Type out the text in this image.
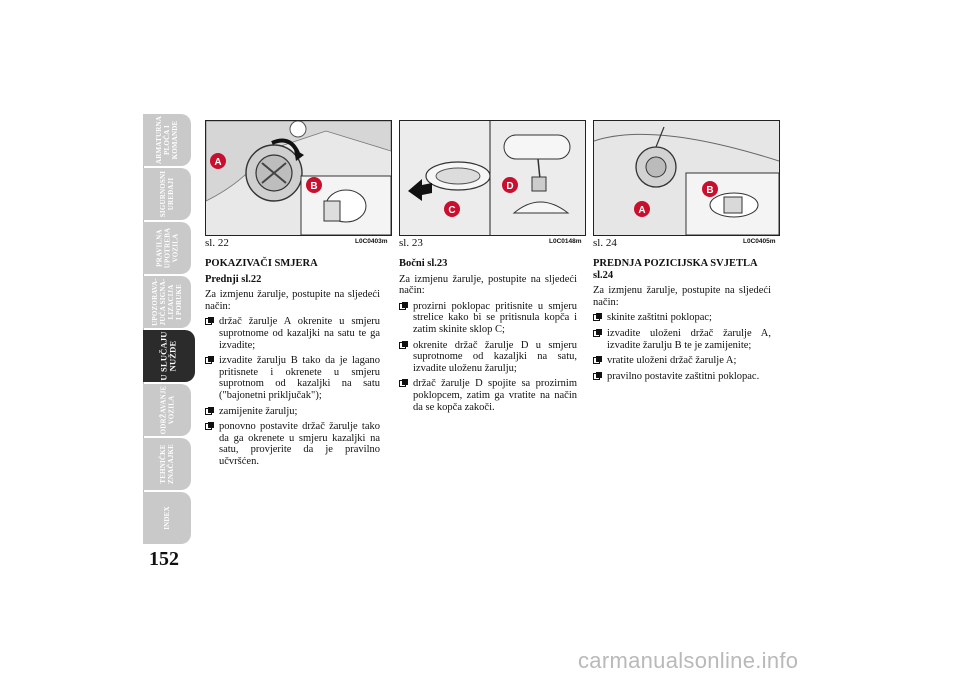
ARMATURNA
PLOČA I
KOMANDE
SIGURNOSNI
UREĐAJI
PRAVILNA
UPOTREBA
VOZILA
UPOZORAVA-
JUĆA SIGNA-
LIZACIJA
I PORUKE
U SLUČAJU
NUŽDE
ODRŽAVANJE
VOZILA
TEHNIČKE
ZNAČAJKE
INDEX
152
A
B
sl. 22	L0C0403m
C
D
sl. 23	L0C0148m
A
B
sl. 24	L0C0405m
POKAZIVAČI SMJERA
Prednji sl.22

Za izmjenu žarulje, postupite na sljedeći način:

držač žarulje A okrenite u smjeru suprotnome od kazaljki na satu te ga izvadite;
izvadite žarulju B tako da je lagano pritisnete i okrenete u smjeru suprotnom od kazaljki na satu ("bajonetni priključak");
zamijenite žarulju;
ponovno postavite držač žarulje tako da ga okrenete u smjeru kazaljki na satu, provjerite da je pravilno učvršćen.
Bočni sl.23

Za izmjenu žarulje, postupite na sljedeći način:

prozirni poklopac pritisnite u smjeru strelice kako bi se pritisnula kopča i zatim skinite sklop C;
okrenite držač žarulje D u smjeru suprotnome od kazaljki na satu, izvadite uloženu žarulju;
držač žarulje D spojite sa prozirnim poklopcem, zatim ga vratite na način da se kopča zakoči.
PREDNJA POZICIJSKA SVJETLA sl.24

Za izmjenu žarulje, postupite na sljedeći način:

skinite zaštitni poklopac;
izvadite uloženi držač žarulje A, izvadite žarulju B te je zamijenite;
vratite uloženi držač žarulje A;
pravilno postavite zaštitni poklopac.
carmanualsonline.info
